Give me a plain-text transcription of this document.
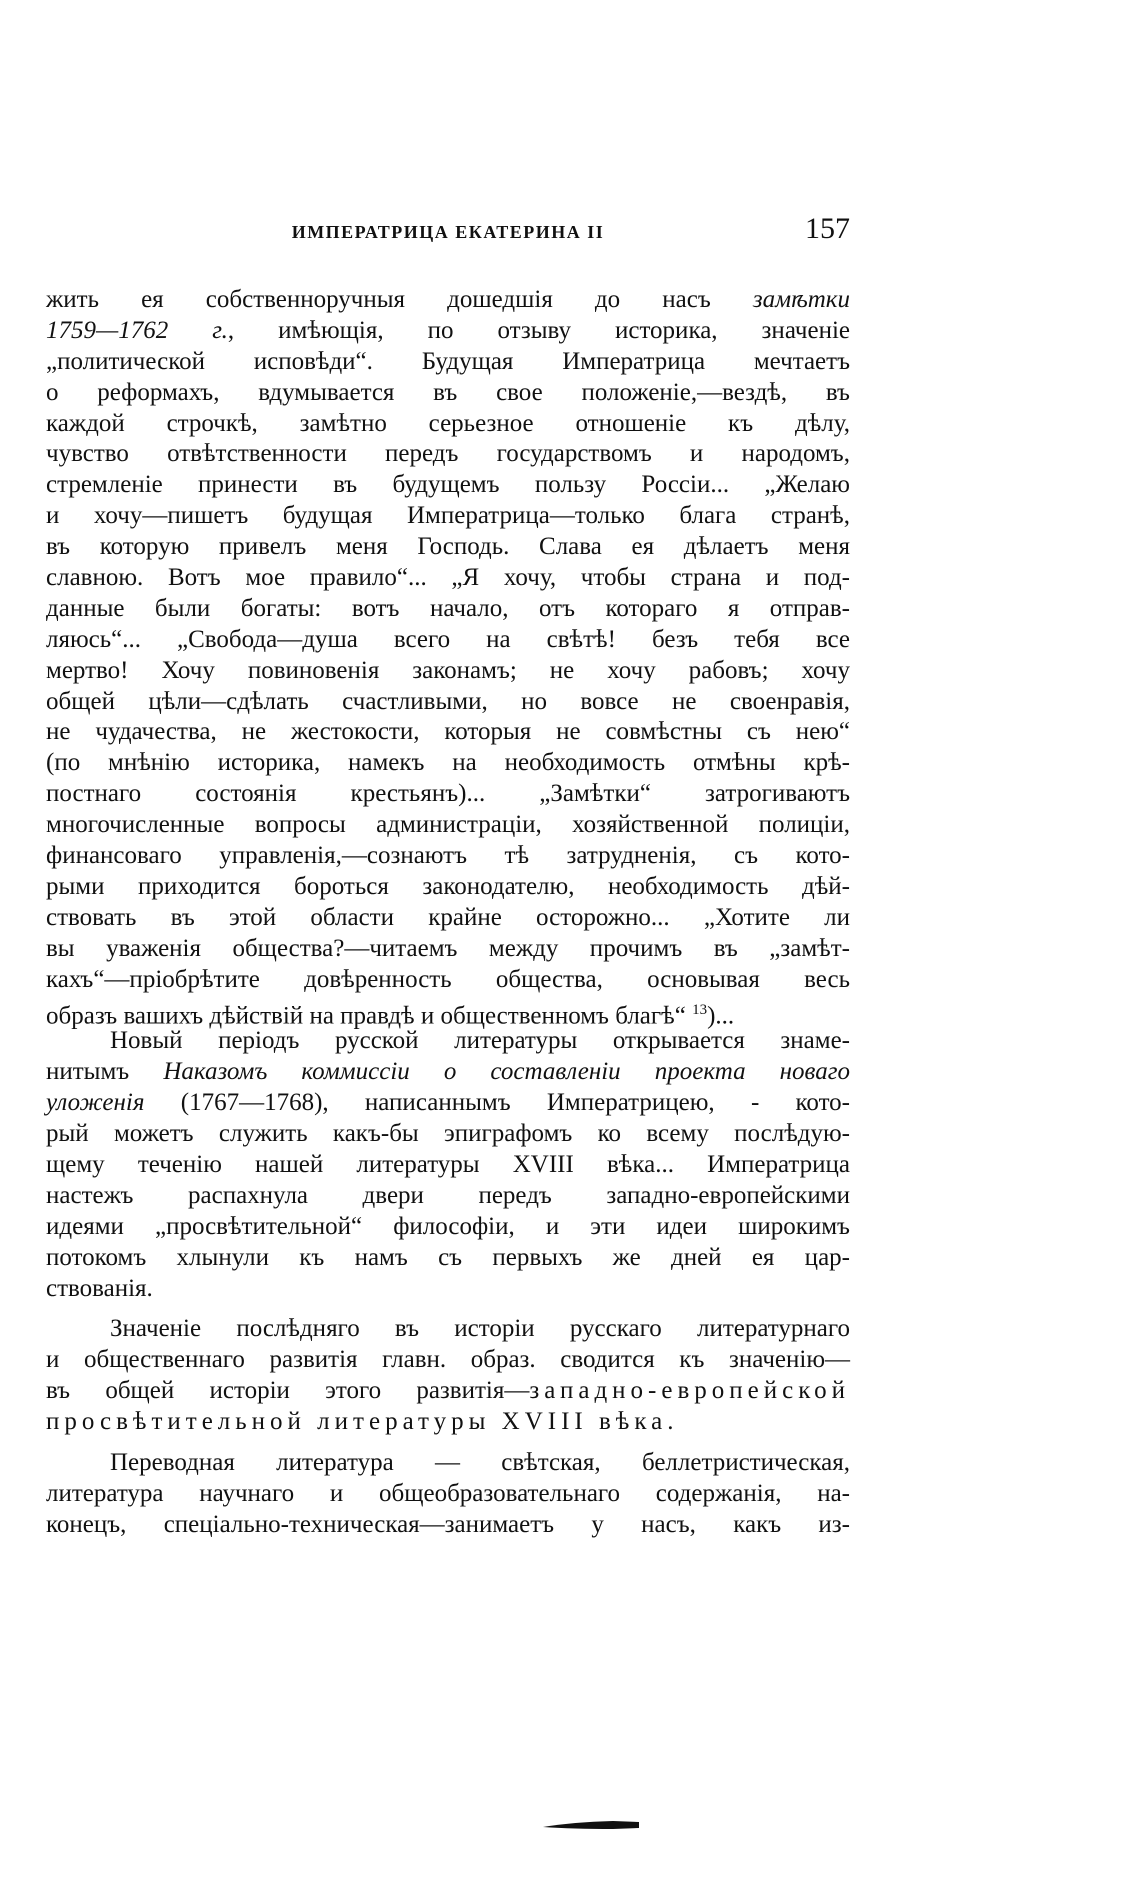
ИМПЕРАТРИЦА ЕКАТЕРИНА II	157
жить ея собственноручныя дошедшія до насъ замѣтки
1759—1762 г., имѣющія, по отзыву историка, значеніе
„политической исповѣди“. Будущая Императрица мечтаетъ
о реформахъ, вдумывается въ свое положеніе,—вездѣ, въ
каждой строчкѣ, замѣтно серьезное отношеніе къ дѣлу,
чувство отвѣтственности передъ государствомъ и народомъ,
стремленіе принести въ будущемъ пользу Россіи... „Желаю
и хочу—пишетъ будущая Императрица—только блага странѣ,
въ которую привелъ меня Господь. Слава ея дѣлаетъ меня
славною. Вотъ мое правило“... „Я хочу, чтобы страна и под-
данные были богаты: вотъ начало, отъ котораго я отправ-
ляюсь“... „Свобода—душа всего на свѣтѣ! безъ тебя все
мертво! Хочу повиновенія законамъ; не хочу рабовъ; хочу
общей цѣли—сдѣлать счастливыми, но вовсе не своенравія,
не чудачества, не жестокости, которыя не совмѣстны съ нею“
(по мнѣнію историка, намекъ на необходимость отмѣны крѣ-
постнаго состоянія крестьянъ)... „Замѣтки“ затрогиваютъ
многочисленные вопросы администраціи, хозяйственной полиціи,
финансоваго управленія,—сознаютъ тѣ затрудненія, съ кото-
рыми приходится бороться законодателю, необходимость дѣй-
ствовать въ этой области крайне осторожно... „Хотите ли
вы уваженія общества?—читаемъ между прочимъ въ „замѣт-
кахъ“—пріобрѣтите довѣренность общества, основывая весь
образъ вашихъ дѣйствій на правдѣ и общественномъ благѣ“ $^{13}$)...
Новый періодъ русской литературы открывается знаме-
нитымъ Наказомъ коммиссіи о составленіи проекта новаго
уложенія (1767—1768), написаннымъ Императрицею, - кото-
рый можетъ служить какъ-бы эпиграфомъ ко всему послѣдую-
щему теченію нашей литературы XVIII вѣка... Императрица
настежъ распахнула двери передъ западно-европейскими
идеями „просвѣтительной“ философіи, и эти идеи широкимъ
потокомъ хлынули къ намъ съ первыхъ же дней ея цар-
ствованія.
Значеніе послѣдняго въ исторіи русскаго литературнаго
и общественнаго развитія главн. образ. сводится къ значенію—
въ общей исторіи этого развитія—западно-европейской
просвѣтительной литературы XVIII вѣка.
Переводная литература — свѣтская, беллетристическая,
литература научнаго и общеобразовательнаго содержанія, на-
конецъ, спеціально-техническая—занимаетъ у насъ, какъ из-
